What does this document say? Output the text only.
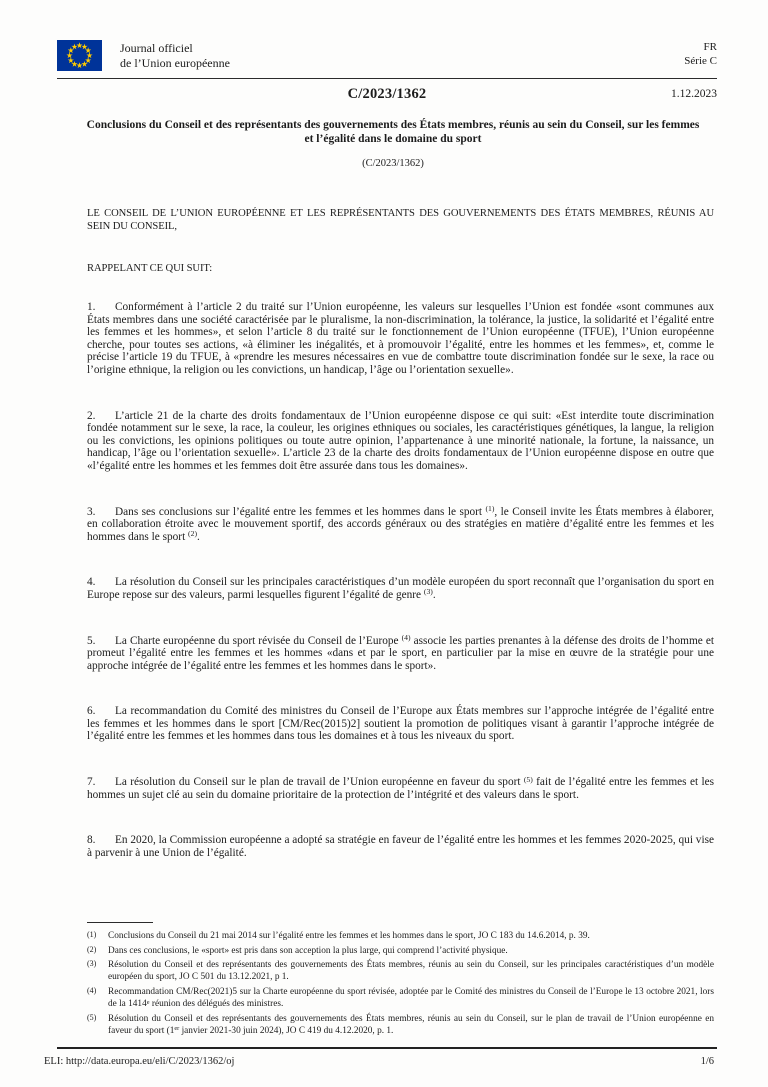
Journal officiel
de l’Union européenne
FR
Série C
C/2023/1362	1.12.2023
Conclusions du Conseil et des représentants des gouvernements des États membres, réunis au sein du Conseil, sur les femmes et l’égalité dans le domaine du sport
(C/2023/1362)

LE CONSEIL DE L’UNION EUROPÉENNE ET LES REPRÉSENTANTS DES GOUVERNEMENTS DES ÉTATS MEMBRES, RÉUNIS AU SEIN DU CONSEIL,

RAPPELANT CE QUI SUIT:

1. Conformément à l’article 2 du traité sur l’Union européenne, les valeurs sur lesquelles l’Union est fondée «sont communes aux États membres dans une société caractérisée par le pluralisme, la non-discrimination, la tolérance, la justice, la solidarité et l’égalité entre les femmes et les hommes», et selon l’article 8 du traité sur le fonctionnement de l’Union européenne (TFUE), l’Union européenne cherche, pour toutes ses actions, «à éliminer les inégalités, et à promouvoir l’égalité, entre les hommes et les femmes», et, comme le précise l’article 19 du TFUE, à «prendre les mesures nécessaires en vue de combattre toute discrimination fondée sur le sexe, la race ou l’origine ethnique, la religion ou les convictions, un handicap, l’âge ou l’orientation sexuelle».

2. L’article 21 de la charte des droits fondamentaux de l’Union européenne dispose ce qui suit: «Est interdite toute discrimination fondée notamment sur le sexe, la race, la couleur, les origines ethniques ou sociales, les caractéristiques génétiques, la langue, la religion ou les convictions, les opinions politiques ou toute autre opinion, l’appartenance à une minorité nationale, la fortune, la naissance, un handicap, l’âge ou l’orientation sexuelle». L’article 23 de la charte des droits fondamentaux de l’Union européenne dispose en outre que «l’égalité entre les hommes et les femmes doit être assurée dans tous les domaines».

3. Dans ses conclusions sur l’égalité entre les femmes et les hommes dans le sport $^{(1)}$, le Conseil invite les États membres à élaborer, en collaboration étroite avec le mouvement sportif, des accords généraux ou des stratégies en matière d’égalité entre les femmes et les hommes dans le sport $^{(2)}$.

4. La résolution du Conseil sur les principales caractéristiques d’un modèle européen du sport reconnaît que l’organisation du sport en Europe repose sur des valeurs, parmi lesquelles figurent l’égalité de genre $^{(3)}$.

5. La Charte européenne du sport révisée du Conseil de l’Europe $^{(4)}$ associe les parties prenantes à la défense des droits de l’homme et promeut l’égalité entre les femmes et les hommes «dans et par le sport, en particulier par la mise en œuvre de la stratégie pour une approche intégrée de l’égalité entre les femmes et les hommes dans le sport».

6. La recommandation du Comité des ministres du Conseil de l’Europe aux États membres sur l’approche intégrée de l’égalité entre les femmes et les hommes dans le sport [CM/Rec(2015)2] soutient la promotion de politiques visant à garantir l’approche intégrée de l’égalité entre les femmes et les hommes dans tous les domaines et à tous les niveaux du sport.

7. La résolution du Conseil sur le plan de travail de l’Union européenne en faveur du sport $^{(5)}$ fait de l’égalité entre les femmes et les hommes un sujet clé au sein du domaine prioritaire de la protection de l’intégrité et des valeurs dans le sport.

8. En 2020, la Commission européenne a adopté sa stratégie en faveur de l’égalité entre les hommes et les femmes 2020-2025, qui vise à parvenir à une Union de l’égalité.

(1)	Conclusions du Conseil du 21 mai 2014 sur l’égalité entre les femmes et les hommes dans le sport, JO C 183 du 14.6.2014, p. 39.
(2)	Dans ces conclusions, le «sport» est pris dans son acception la plus large, qui comprend l’activité physique.
(3)	Résolution du Conseil et des représentants des gouvernements des États membres, réunis au sein du Conseil, sur les principales caractéristiques d’un modèle européen du sport, JO C 501 du 13.12.2021, p 1.
(4)	Recommandation CM/Rec(2021)5 sur la Charte européenne du sport révisée, adoptée par le Comité des ministres du Conseil de l’Europe le 13 octobre 2021, lors de la 1414e réunion des délégués des ministres.
(5)	Résolution du Conseil et des représentants des gouvernements des États membres, réunis au sein du Conseil, sur le plan de travail de l’Union européenne en faveur du sport (1er janvier 2021-30 juin 2024), JO C 419 du 4.12.2020, p. 1.
ELI: http://data.europa.eu/eli/C/2023/1362/oj	1/6
